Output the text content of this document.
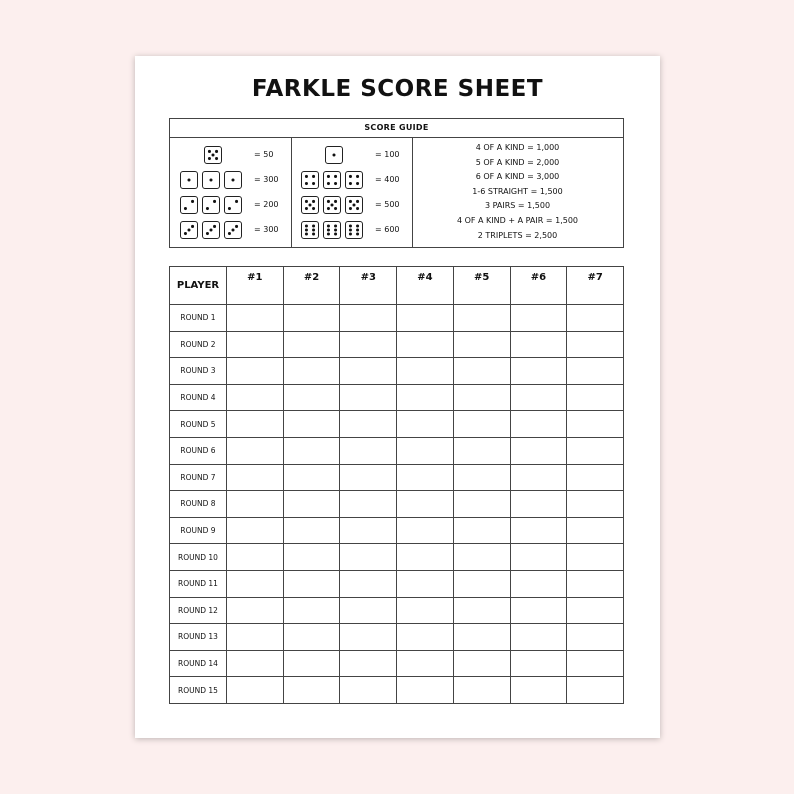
FARKLE SCORE SHEET
SCORE GUIDE
= 50
= 300
= 200
= 300
= 100
= 400
= 500
= 600
4 OF A KIND = 1,000
5 OF A KIND = 2,000
6 OF A KIND = 3,000
1-6 STRAIGHT = 1,500
3 PAIRS = 1,500
4 OF A KIND + A PAIR = 1,500
2 TRIPLETS = 2,500
PLAYER	#1	#2	#3	#4	#5	#6	#7
ROUND 1							
ROUND 2							
ROUND 3							
ROUND 4							
ROUND 5							
ROUND 6							
ROUND 7							
ROUND 8							
ROUND 9							
ROUND 10							
ROUND 11							
ROUND 12							
ROUND 13							
ROUND 14							
ROUND 15							
